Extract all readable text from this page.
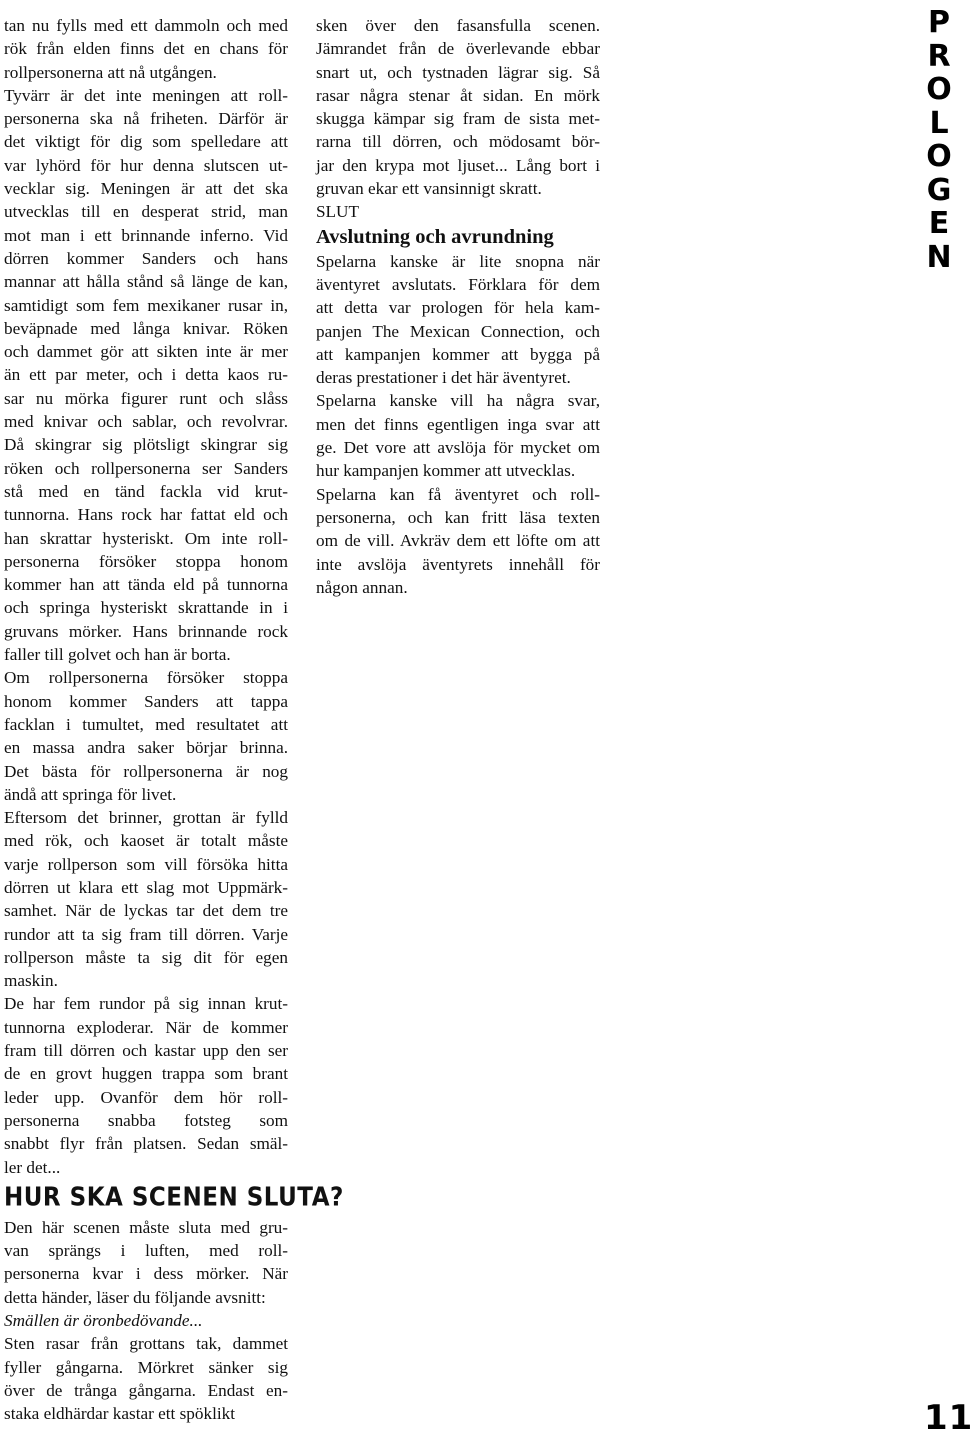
tan nu fylls med ett dammoln och med
rök från elden finns det en chans för
rollpersonerna att nå utgången.
Tyvärr är det inte meningen att roll-
personerna ska nå friheten. Därför är
det viktigt för dig som spelledare att
var lyhörd för hur denna slutscen ut-
vecklar sig. Meningen är att det ska
utvecklas till en desperat strid, man
mot man i ett brinnande inferno. Vid
dörren kommer Sanders och hans
mannar att hålla stånd så länge de kan,
samtidigt som fem mexikaner rusar in,
beväpnade med långa knivar. Röken
och dammet gör att sikten inte är mer
än ett par meter, och i detta kaos ru-
sar nu mörka figurer runt och slåss
med knivar och sablar, och revolvrar.
Då skingrar sig plötsligt skingrar sig
röken och rollpersonerna ser Sanders
stå med en tänd fackla vid krut-
tunnorna. Hans rock har fattat eld och
han skrattar hysteriskt. Om inte roll-
personerna försöker stoppa honom
kommer han att tända eld på tunnorna
och springa hysteriskt skrattande in i
gruvans mörker. Hans brinnande rock
faller till golvet och han är borta.
Om rollpersonerna försöker stoppa
honom kommer Sanders att tappa
facklan i tumultet, med resultatet att
en massa andra saker börjar brinna.
Det bästa för rollpersonerna är nog
ändå att springa för livet.
Eftersom det brinner, grottan är fylld
med rök, och kaoset är totalt måste
varje rollperson som vill försöka hitta
dörren ut klara ett slag mot Uppmärk-
samhet. När de lyckas tar det dem tre
rundor att ta sig fram till dörren. Varje
rollperson måste ta sig dit för egen
maskin.
De har fem rundor på sig innan krut-
tunnorna exploderar. När de kommer
fram till dörren och kastar upp den ser
de en grovt huggen trappa som brant
leder upp. Ovanför dem hör roll-
personerna snabba fotsteg som
snabbt flyr från platsen. Sedan smäl-
ler det...
HUR SKA SCENEN SLUTA?
Den här scenen måste sluta med gru-
van sprängs i luften, med roll-
personerna kvar i dess mörker. När
detta händer, läser du följande avsnitt:
Smällen är öronbedövande...
Sten rasar från grottans tak, dammet
fyller gångarna. Mörkret sänker sig
över de trånga gångarna. Endast en-
staka eldhärdar kastar ett spöklikt
sken över den fasansfulla scenen.
Jämrandet från de överlevande ebbar
snart ut, och tystnaden lägrar sig. Så
rasar några stenar åt sidan. En mörk
skugga kämpar sig fram de sista met-
rarna till dörren, och mödosamt bör-
jar den krypa mot ljuset... Lång bort i
gruvan ekar ett vansinnigt skratt.
SLUT
Avslutning och avrundning
Spelarna kanske är lite snopna när
äventyret avslutats. Förklara för dem
att detta var prologen för hela kam-
panjen The Mexican Connection, och
att kampanjen kommer att bygga på
deras prestationer i det här äventyret.
Spelarna kanske vill ha några svar,
men det finns egentligen inga svar att
ge. Det vore att avslöja för mycket om
hur kampanjen kommer att utvecklas.
Spelarna kan få äventyret och roll-
personerna, och kan fritt läsa texten
om de vill. Avkräv dem ett löfte om att
inte avslöja äventyrets innehåll för
någon annan.
P
R
O
L
O
G
E
N
11
